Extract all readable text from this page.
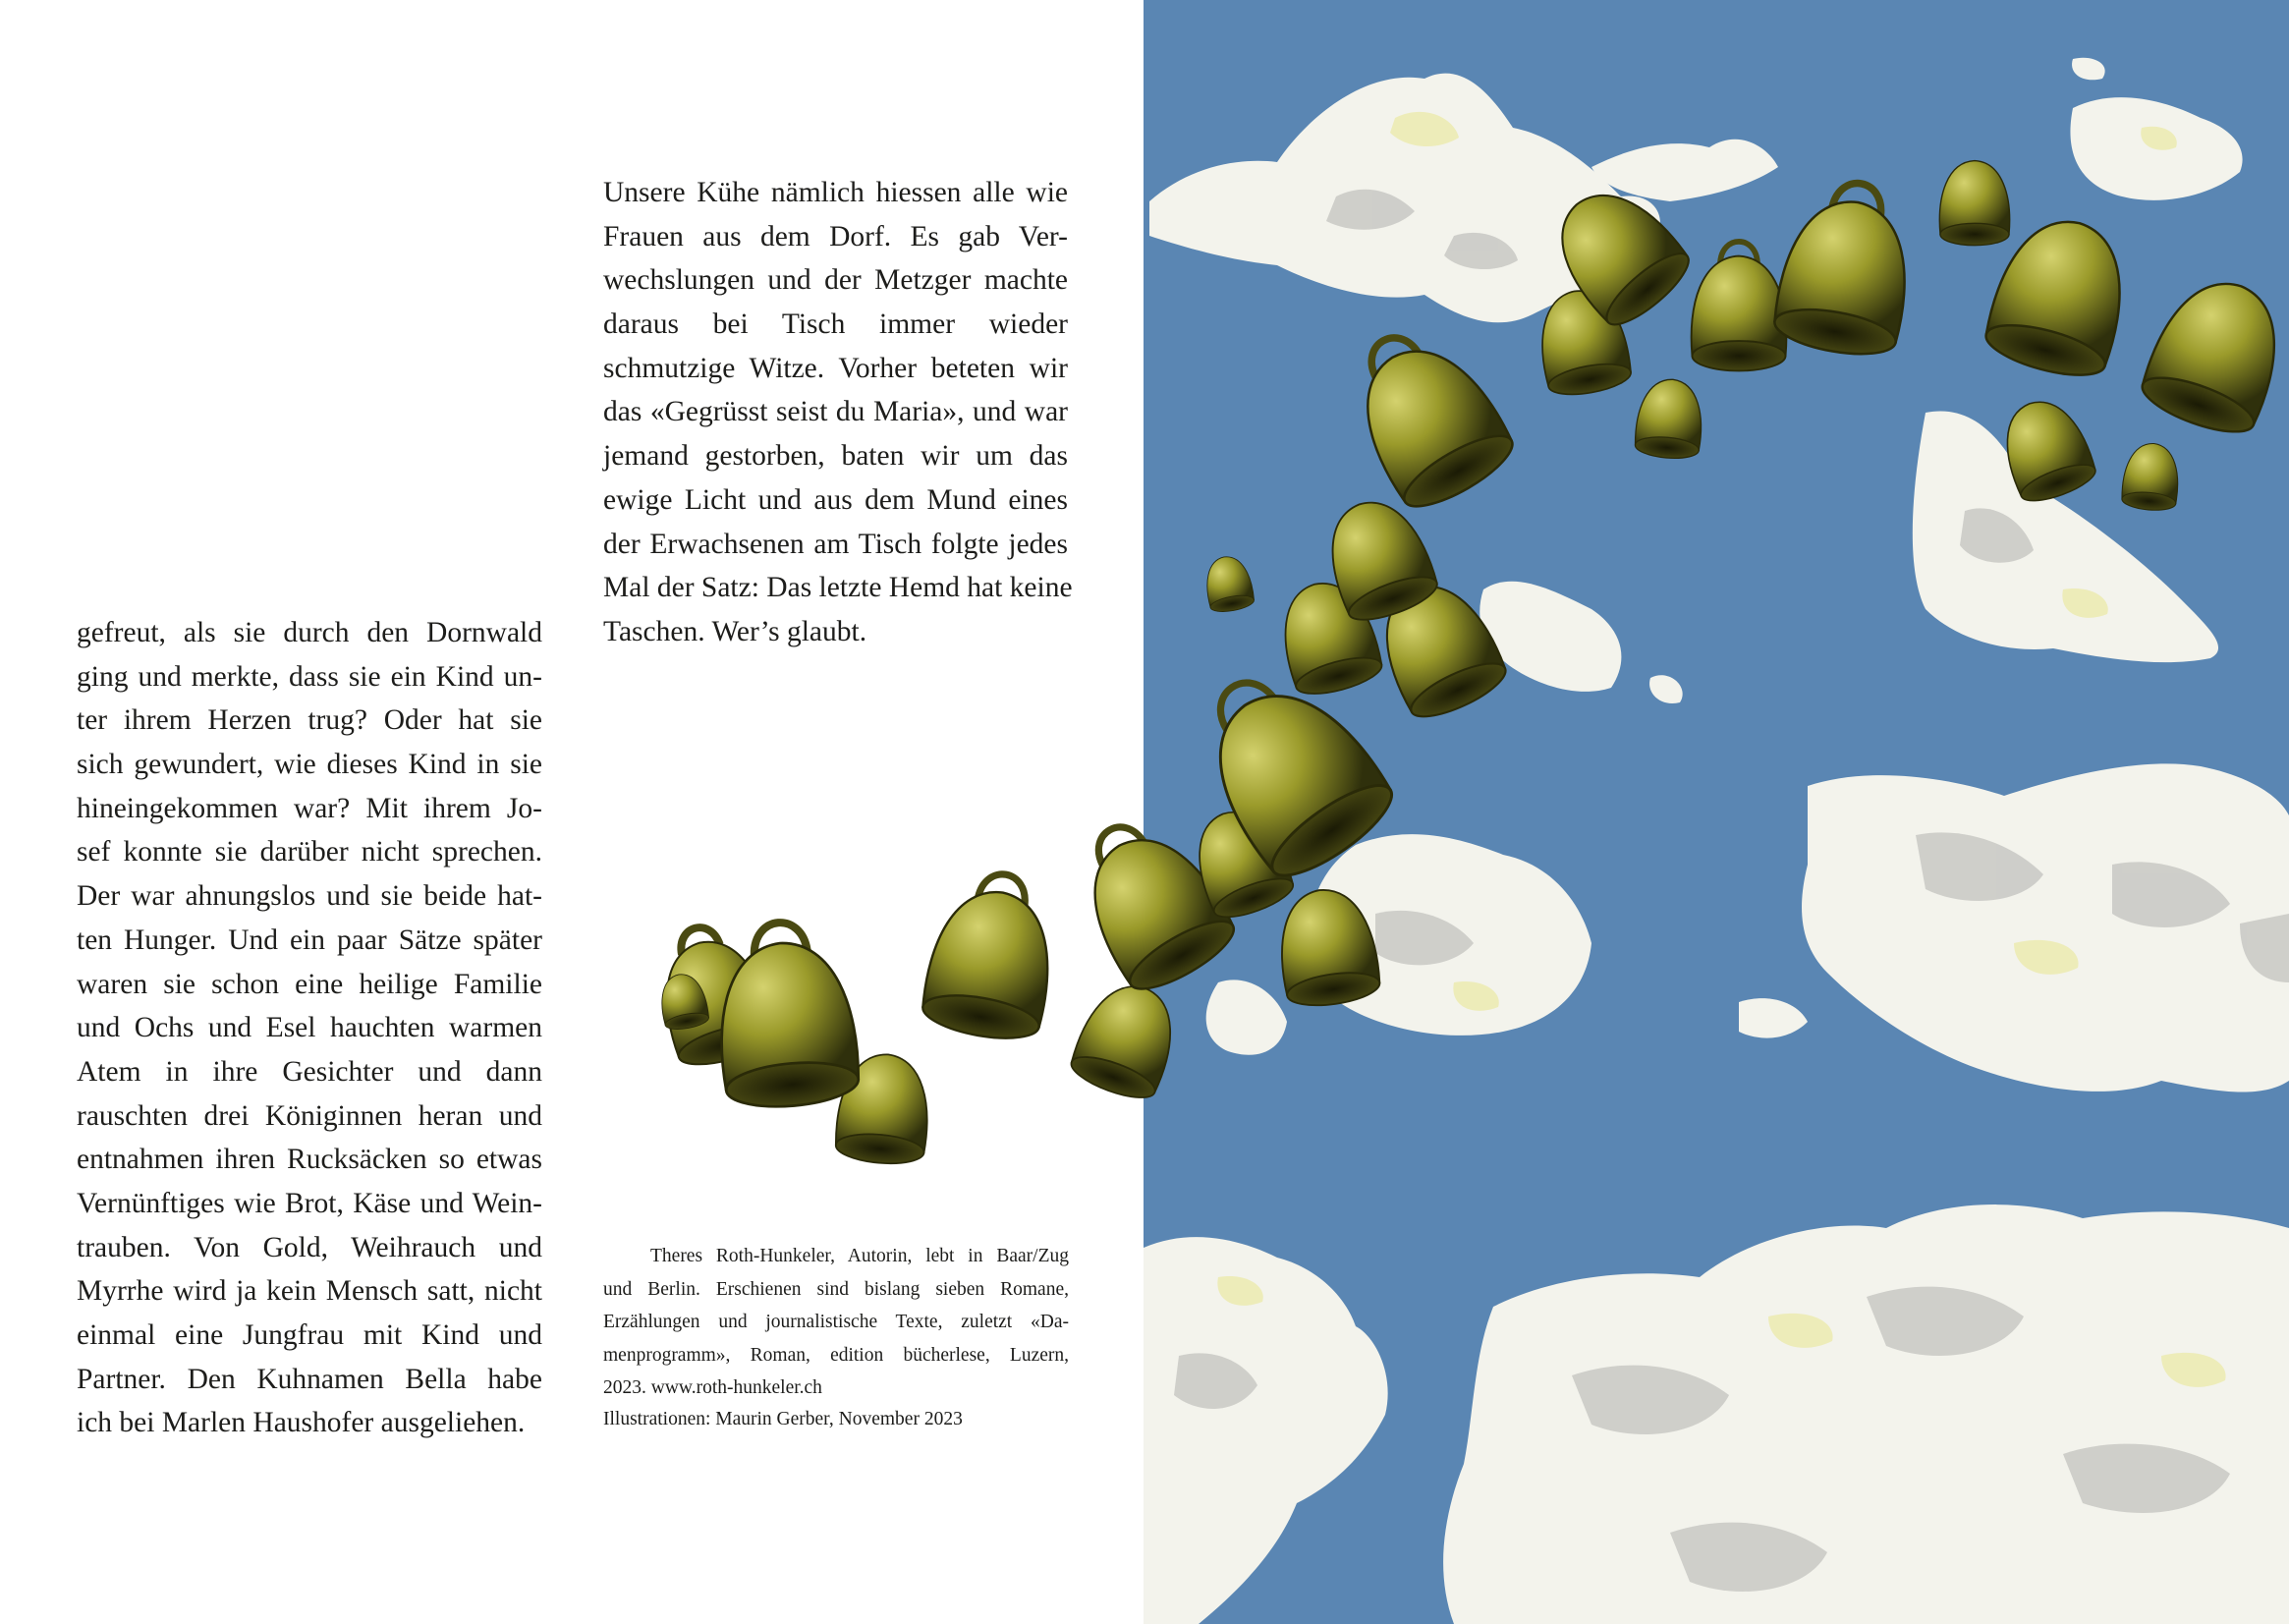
gefreut, als sie durch den Dornwald
ging und merkte, dass sie ein Kind un-
ter ihrem Herzen trug? Oder hat sie
sich gewundert, wie dieses Kind in sie
hineingekommen war? Mit ihrem Jo-
sef konnte sie darüber nicht sprechen.
Der war ahnungslos und sie beide hat-
ten Hunger. Und ein paar Sätze später
waren sie schon eine heilige Familie
und Ochs und Esel hauchten warmen
Atem in ihre Gesichter und dann
rauschten drei Königinnen heran und
entnahmen ihren Rucksäcken so etwas
Vernünftiges wie Brot, Käse und Wein-
trauben. Von Gold, Weihrauch und
Myrrhe wird ja kein Mensch satt, nicht
einmal eine Jungfrau mit Kind und
Partner. Den Kuhnamen Bella habe
ich bei Marlen Haushofer ausgeliehen.
Unsere Kühe nämlich hiessen alle wie
Frauen aus dem Dorf. Es gab Ver-
wechslungen und der Metzger machte
daraus bei Tisch immer wieder
schmutzige Witze. Vorher beteten wir
das «Gegrüsst seist du Maria», und war
jemand gestorben, baten wir um das
ewige Licht und aus dem Mund eines
der Erwachsenen am Tisch folgte jedes
Mal der Satz: Das letzte Hemd hat keine
Taschen. Wer’s glaubt.
Theres Roth-Hunkeler, Autorin, lebt in Baar/Zug
und Berlin. Erschienen sind bislang sieben Romane,
Erzählungen und journalistische Texte, zuletzt «Da-
menprogramm», Roman, edition bücherlese, Luzern,
2023. www.roth-hunkeler.ch

Illustrationen: Maurin Gerber, November 2023
